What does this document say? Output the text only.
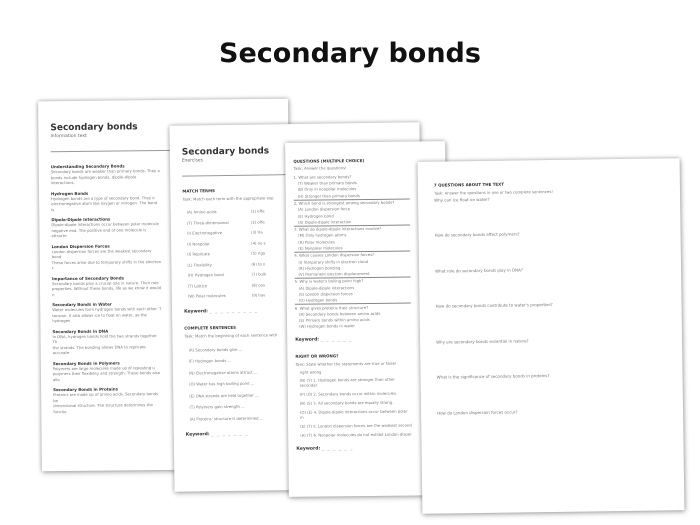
Secondary bonds
Secondary bonds
Information text
Understanding Secondary Bonds
Secondary bonds are weaker than primary bonds. They a
bonds include hydrogen bonds, dipole-dipole interactions,
Hydrogen Bonds
Hydrogen bonds are a type of secondary bond. They o
electronegative atom like oxygen or nitrogen. The bond is
Dipole-Dipole Interactions
Dipole-dipole interactions occur between polar molecule
negative end. The positive end of one molecule is attracte
London Dispersion Forces
London dispersion forces are the weakest secondary bond
These forces arise due to temporary shifts in the electron c
Importance of Secondary Bonds
Secondary bonds play a crucial role in nature. Their role
properties. Without these bonds, life as we know it would n
Secondary Bonds in Water
Water molecules form hydrogen bonds with each other. T
tension. It also allows ice to float on water, as the hydrogen
Secondary Bonds in DNA
In DNA, hydrogen bonds hold the two strands together. Th
the strands. The bonding allows DNA to replicate accurate
Secondary Bonds in Polymers
Polymers are large molecules made up of repeating u
polymers their flexibility and strength. These bonds also allo
Secondary Bonds in Proteins
Proteins are made up of amino acids. Secondary bonds be
dimensional structure. The structure determines the functio
Secondary bonds
Exercises
MATCH TERMS
Task: Match each term with the appropriate exp
(A) Amino acids	(1) effe
(T) Three-dimensional	(2) offe
(I) Electronegative	(3) Ha
(I) Nonpolar	(4) no s
(I) Replicate	(5) rigo
(L) Flexibility	(6) to n
(H) Hydrogen bond	(7) bulk
(T) Lattice	(8) oos
(W) Polar molecules	(9) hav
Keyword: _ _ _ _ _ _ _ _ _
COMPLETE SENTENCES
Task: Match the beginning of each sentence with
(R) Secondary bonds give ...
(F) Hydrogen bonds ...
(N) Electronegative atoms attract ...
(O) Water has high boiling point ...
(E) DNA strands are held together ...
(T) Polymers gain strength ...
(A) Proteins' structure is determined ...
Keyword: _ _ _ _ _ _ _
QUESTIONS (MULTIPLE CHOICE)
Task: Answer the questions!
1. What are secondary bonds?
(T) Weaker than primary bonds
(B) Only in nonpolar molecules
(H) Stronger than primary bonds
2. Which bond is strongest among secondary bonds?
(A) London dispersion force
(E) Hydrogen bond
(S) Dipole-dipole interaction
3. What do dipole-dipole interactions involve?
(M) Only hydrogen atoms
(R) Polar molecules
(E) Nonpolar molecules
4. What causes London dispersion forces?
(I) Temporary shifts in electron cloud
(R) Hydrogen bonding
(V) Permanent electron displacement
5. Why is water's boiling point high?
(A) Dipole-dipole interactions
(S) London dispersion forces
(O) Hydrogen bonds
6. What gives proteins their structure?
(R) Secondary bonds between amino acids
(E) Primary bonds within amino acids
(W) Hydrogen bonds in water
Keyword: _ _ _ _ _ _
RIGHT OR WRONG?
Task: State whether the statements are true or false!
right wrong
(N) (Y) 1. Hydrogen bonds are stronger than other secondar
(P) (O) 2. Secondary bonds occur within molecules.
(R) (S) 3. All secondary bonds are equally strong.
(O) (E) 4. Dipole-dipole interactions occur between polar m
(E) (T) 5. London dispersion forces are the weakest second
(A) (T) 6. Nonpolar molecules do not exhibit London disper
Keyword: _ _ _ _ _ _
7 QUESTIONS ABOUT THE TEXT
Task: Answer the questions in one or two complete sentences!
Why can ice float on water?
How do secondary bonds affect polymers?
What role do secondary bonds play in DNA?
How do secondary bonds contribute to water's properties?
Why are secondary bonds essential in nature?
What is the significance of secondary bonds in proteins?
How do London dispersion forces occur?
